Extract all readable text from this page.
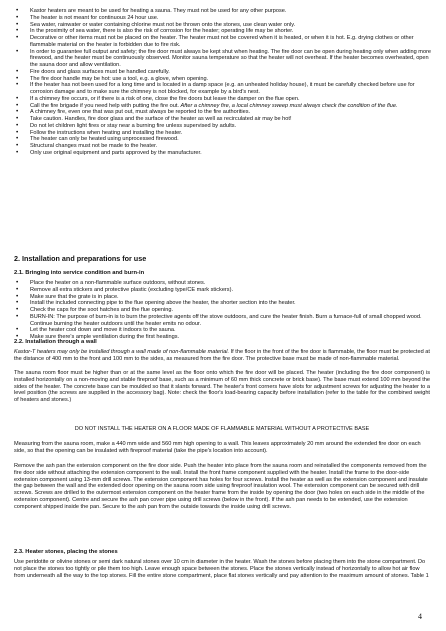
• Kastor heaters are meant to be used for heating a sauna. They must not be used for any other purpose.
• The heater is not meant for continuous 24 hour use.
• Sea water, rainwater or water containing chlorine must not be thrown onto the stones, use clean water only.
• In the proximity of sea water, there is also the risk of corrosion for the heater; operating life may be shorter.
• Decorative or other items must not be placed on the heater. The heater must not be covered when it is heated, or when it is hot. E.g. drying clothes or other flammable material on the heater is forbidden due to fire risk.
• In order to guarantee full output and safety; the fire door must always be kept shut when heating. The fire door can be open during heating only when adding more firewood, and the heater must be continuously observed. Monitor sauna temperature so that the heater will not overheat. If the heater becomes overheated, open the sauna door and allow ventilation.
• Fire doors and glass surfaces must be handled carefully.
• The fire door handle may be hot: use a tool, e.g. a glove, when opening.
• If the heater has not been used for a long time and is located in a damp space (e.g. an unheated holiday house), it must be carefully checked before use for corrosion damage and to make sure the chimney is not blocked, for example by a bird's nest.
• If a chimney fire occurs, or if there is a risk of one, close the fire doors but leave the damper on the flue open.
• Call the fire brigade if you need help with putting the fire out. After a chimney fire, a local chimney sweep must always check the condition of the flue.
• A chimney fire, even one that was put out, must always be reported to the fire authorities.
• Take caution. Handles, fire door glass and the surface of the heater as well as recirculated air may be hot!
• Do not let children light fires or stay near a burning fire unless supervised by adults.
• Follow the instructions when heating and installing the heater.
• The heater can only be heated using unprocessed firewood.
• Structural changes must not be made to the heater.
• Only use original equipment and parts approved by the manufacturer.
2. Installation and preparations for use
2.1. Bringing into service condition and burn-in
• Place the heater on a non-flammable surface outdoors, without stones.
• Remove all extra stickers and protective plastic (excluding type/CE mark stickers).
• Make sure that the grate is in place.
• Install the included connecting pipe to the flue opening above the heater, the shorter section into the heater.
• Check the caps for the soot hatches and the flue opening.
• BURN-IN: The purpose of burn-in is to burn the protective agents off the stove outdoors, and cure the heater finish. Burn a furnace-full of small chopped wood. Continue burning the heater outdoors until the heater emits no odour.
• Let the heater cool down and move it indoors to the sauna.
• Make sure there's ample ventilation during the first heatings.
2.2. Installation through a wall

Kastor-T heaters may only be installed through a wall made of non-flammable material. If the floor in the front of the fire door is flammable, the floor must be protected at the distance of 400 mm to the front and 100 mm to the sides, as measured from the fire door. The protective base must be made of non-flammable material.

The sauna room floor must be higher than or at the same level as the floor onto which the fire door will be placed. The heater (including the fire door component) is installed horizontally on a non-moving and stable fireproof base, such as a minimum of 60 mm thick concrete or brick base). The base must extend 100 mm beyond the sides of the heater. The concrete base can be moulded so that it slants forward. The heater's front corners have slots for adjustment screws for adjusting the heater to a level position (the screws are supplied in the accessory bag). Note: check the floor's load-bearing capacity before installation (refer to the table for the combined weight of heaters and stones.)

DO NOT INSTALL THE HEATER ON A FLOOR MADE OF FLAMMABLE MATERIAL WITHOUT A PROTECTIVE BASE

Measuring from the sauna room, make a 440 mm wide and 560 mm high opening to a wall. This leaves approximately 20 mm around the extended fire door on each side, so that the opening can be insulated with fireproof material (take the pipe's location into account).

Remove the ash pan the extension component on the fire door side. Push the heater into place from the sauna room and reinstalled the components removed from the fire door side without attaching the extension component to the wall. Install the front frame component supplied with the heater. Install the frame to the door-side extension component using 13-mm drill screws. The extension component has holes for four screws. Install the heater as well as the extension component and insulate the gap between the wall and the extended door opening on the sauna room side using fireproof insulation wool. The extension component can be secured with drill screws. Screws are drilled to the outermost extension component on the heater frame from the inside by opening the door (two holes on each side in the middle of the extension component). Centre and secure the ash pan cover pipe using drill screws (below in the front). If the ash pan needs to be extended, use the extension component shipped inside the pan. Secure to the ash pan from the outside towards the inside using drill screws.

2.3. Heater stones, placing the stones

Use peridotite or olivine stones or semi dark natural stones over 10 cm in diameter in the heater. Wash the stones before placing them into the stone compartment. Do not place the stones too tightly or pile them too high. Leave enough space between the stones. Place the stones vertically instead of horizontally to allow hot air flow from underneath all the way to the top stones. Fill the entire stone compartment, place flat stones vertically and pay attention to the maximum amount of stones. Table 1

4
